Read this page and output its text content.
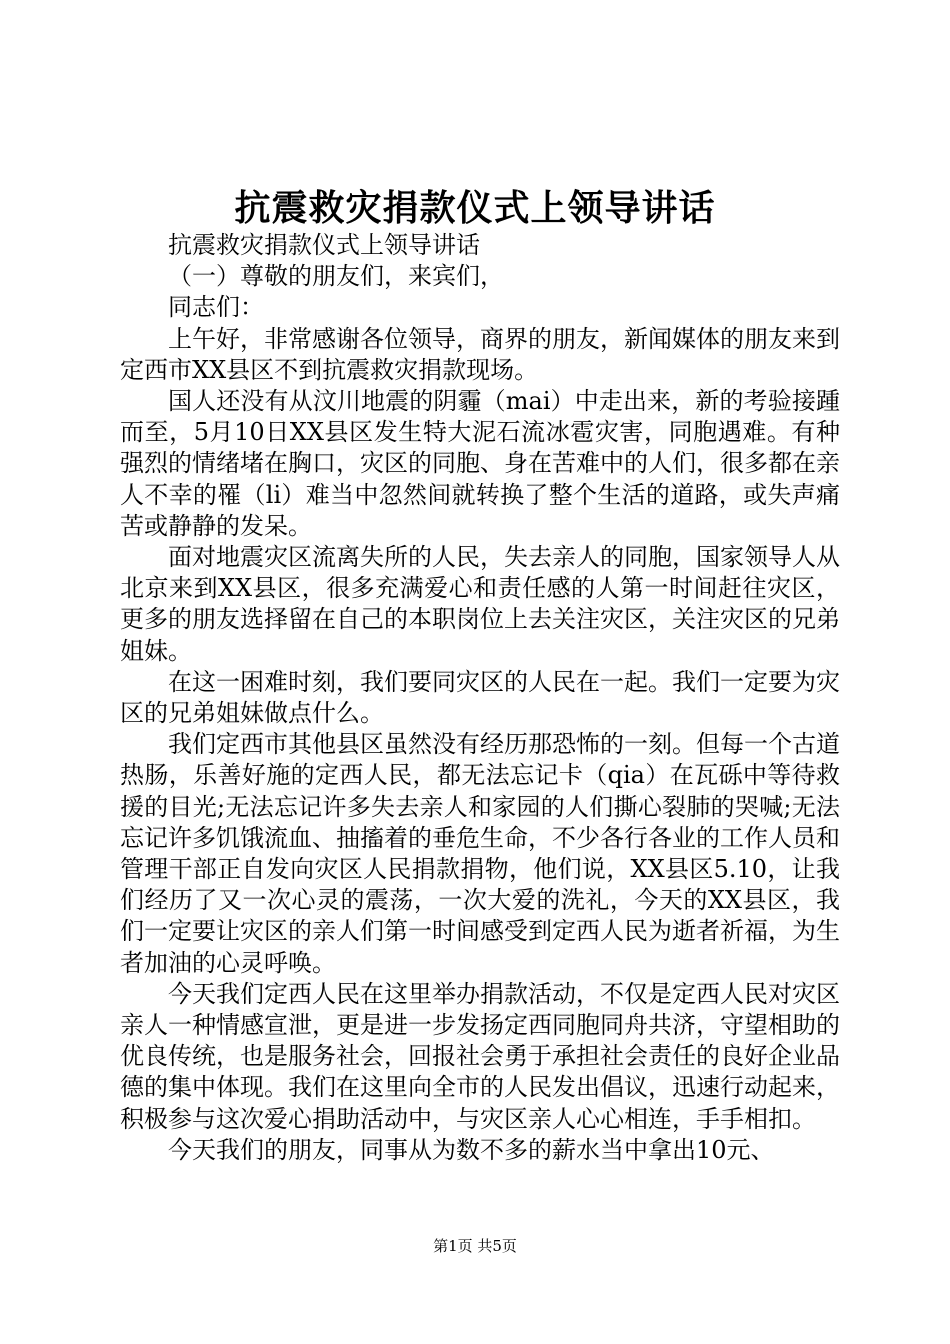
抗震救灾捐款仪式上领导讲话

抗震救灾捐款仪式上领导讲话

（一）尊敬的朋友们，来宾们，

同志们：

上午好，非常感谢各位领导，商界的朋友，新闻媒体的朋友来到定西市XX县区不到抗震救灾捐款现场。

国人还没有从汶川地震的阴霾（mai）中走出来，新的考验接踵而至，5月10日XX县区发生特大泥石流冰雹灾害，同胞遇难。有种强烈的情绪堵在胸口，灾区的同胞、身在苦难中的人们，很多都在亲人不幸的罹（li）难当中忽然间就转换了整个生活的道路，或失声痛苦或静静的发呆。

面对地震灾区流离失所的人民，失去亲人的同胞，国家领导人从北京来到XX县区，很多充满爱心和责任感的人第一时间赶往灾区，更多的朋友选择留在自己的本职岗位上去关注灾区，关注灾区的兄弟姐妹。

在这一困难时刻，我们要同灾区的人民在一起。我们一定要为灾区的兄弟姐妹做点什么。

我们定西市其他县区虽然没有经历那恐怖的一刻。但每一个古道热肠，乐善好施的定西人民，都无法忘记卡（qia）在瓦砾中等待救援的目光;无法忘记许多失去亲人和家园的人们撕心裂肺的哭喊;无法忘记许多饥饿流血、抽搐着的垂危生命，不少各行各业的工作人员和管理干部正自发向灾区人民捐款捐物，他们说，XX县区5.10，让我们经历了又一次心灵的震荡，一次大爱的洗礼，今天的XX县区，我们一定要让灾区的亲人们第一时间感受到定西人民为逝者祈福，为生者加油的心灵呼唤。

今天我们定西人民在这里举办捐款活动，不仅是定西人民对灾区亲人一种情感宣泄，更是进一步发扬定西同胞同舟共济，守望相助的优良传统，也是服务社会，回报社会勇于承担社会责任的良好企业品德的集中体现。我们在这里向全市的人民发出倡议，迅速行动起来，积极参与这次爱心捐助活动中，与灾区亲人心心相连，手手相扣。

今天我们的朋友，同事从为数不多的薪水当中拿出10元、

第1页 共5页
